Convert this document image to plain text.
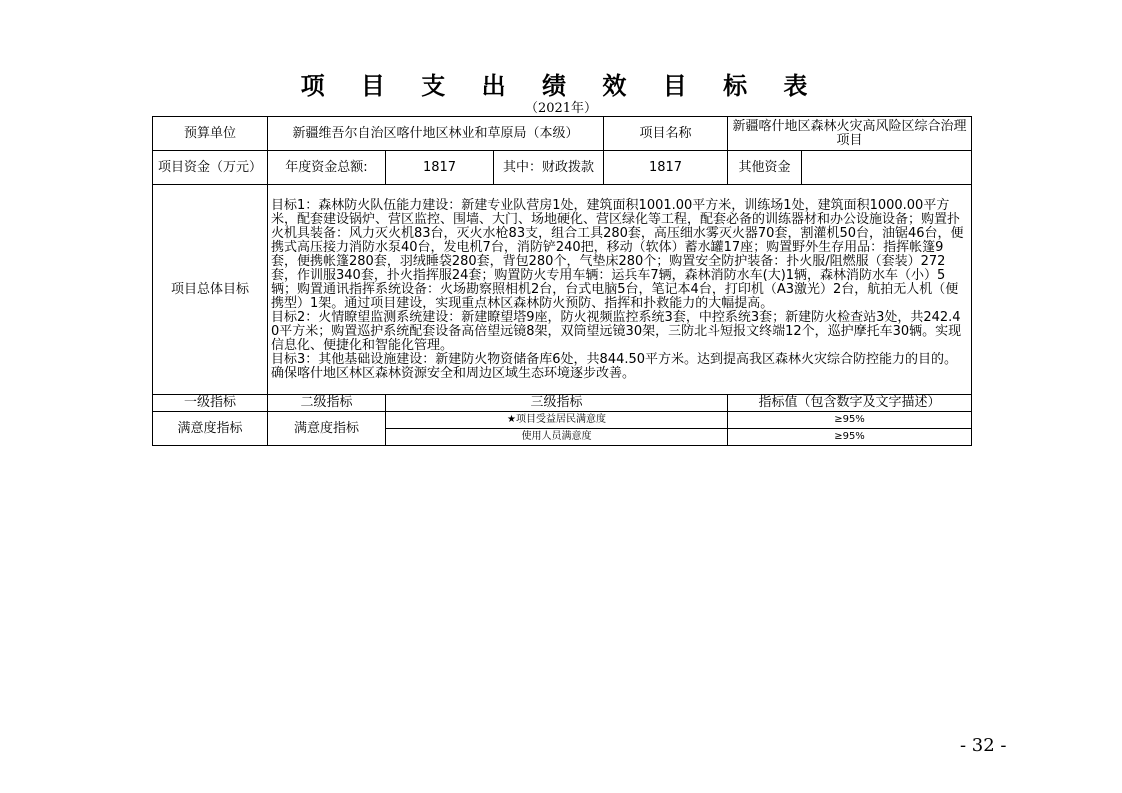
项 目 支 出 绩 效 目 标 表
（2021年）
预算单位	新疆维吾尔自治区喀什地区林业和草原局（本级）			项目名称	新疆喀什地区森林火灾高风险区综合治理项目	
项目资金（万元）	年度资金总额:	1817	其中：财政拨款	1817	其他资金	
项目总体目标	目标1：森林防火队伍能力建设：新建专业队营房1处，建筑面积1001.00平方米，训练场1处，建筑面积1000.00平方米，配套建设锅炉、营区监控、围墙、大门、场地硬化、营区绿化等工程，配套必备的训练器材和办公设施设备；购置扑火机具装备：风力灭火机83台，灭火水枪83支，组合工具280套，高压细水雾灭火器70套，割灌机50台，油锯46台，便携式高压接力消防水泵40台，发电机7台，消防铲240把，移动（软体）蓄水罐17座；购置野外生存用品：指挥帐篷9套，便携帐篷280套，羽绒睡袋280套，背包280个，气垫床280个；购置安全防护装备：扑火服/阻燃服（套装）272套，作训服340套，扑火指挥服24套；购置防火专用车辆：运兵车7辆，森林消防水车(大)1辆，森林消防水车（小）5辆；购置通讯指挥系统设备：火场勘察照相机2台，台式电脑5台，笔记本4台，打印机（A3激光）2台，航拍无人机（便携型）1架。通过项目建设，实现重点林区森林防火预防、指挥和扑救能力的大幅提高。

目标2：火情瞭望监测系统建设：新建瞭望塔9座，防火视频监控系统3套，中控系统3套；新建防火检查站3处，共242.40平方米；购置巡护系统配套设备高倍望远镜8架，双筒望远镜30架，三防北斗短报文终端12个，巡护摩托车30辆。实现信息化、便捷化和智能化管理。

目标3：其他基础设施建设：新建防火物资储备库6处，共844.50平方米。达到提高我区森林火灾综合防控能力的目的。确保喀什地区林区森林资源安全和周边区域生态环境逐步改善。					

一级指标	二级指标	三级指标			指标值（包含数字及文字描述）	
满意度指标	满意度指标	★项目受益居民满意度			≥95%	
		使用人员满意度			≥95%	
- 32 -
